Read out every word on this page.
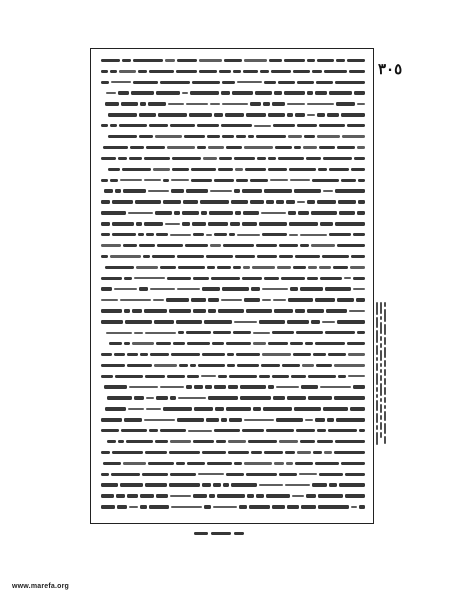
٣٠٥
www.marefa.org
